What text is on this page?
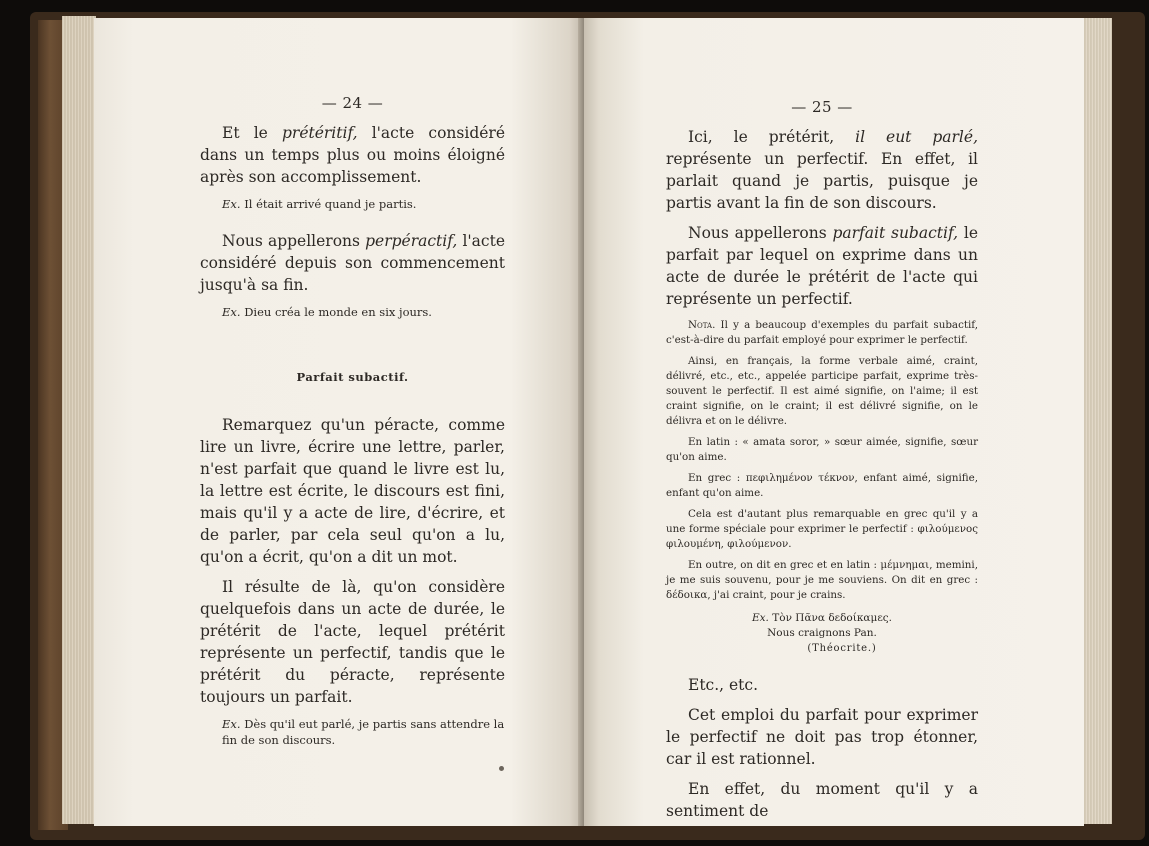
— 24 —

Et le prétéritif, l'acte considéré dans un temps plus ou moins éloigné après son accomplissement.

Ex. Il était arrivé quand je partis.

Nous appellerons perpéractif, l'acte considéré depuis son commencement jusqu'à sa fin.

Ex. Dieu créa le monde en six jours.

Parfait subactif.

Remarquez qu'un péracte, comme lire un livre, écrire une lettre, parler, n'est parfait que quand le livre est lu, la lettre est écrite, le discours est fini, mais qu'il y a acte de lire, d'écrire, et de parler, par cela seul qu'on a lu, qu'on a écrit, qu'on a dit un mot.

Il résulte de là, qu'on considère quelquefois dans un acte de durée, le prétérit de l'acte, lequel prétérit représente un perfectif, tandis que le prétérit du péracte, représente toujours un parfait.

Ex. Dès qu'il eut parlé, je partis sans attendre la fin de son discours.

— 25 —

Ici, le prétérit, il eut parlé, représente un perfectif. En effet, il parlait quand je partis, puisque je partis avant la fin de son discours.

Nous appellerons parfait subactif, le parfait par lequel on exprime dans un acte de durée le prétérit de l'acte qui représente un perfectif.

Nota. Il y a beaucoup d'exemples du parfait subactif, c'est-à-dire du parfait employé pour exprimer le perfectif.

Ainsi, en français, la forme verbale aimé, craint, délivré, etc., etc., appelée participe parfait, exprime très-souvent le perfectif. Il est aimé signifie, on l'aime; il est craint signifie, on le craint; il est délivré signifie, on le délivra et on le délivre.

En latin : « amata soror, » sœur aimée, signifie, sœur qu'on aime.

En grec : πεφιλημένον τέκνον, enfant aimé, signifie, enfant qu'on aime.

Cela est d'autant plus remarquable en grec qu'il y a une forme spéciale pour exprimer le perfectif : φιλούμενος φιλουμένη, φιλούμενον.

En outre, on dit en grec et en latin : μέμνημαι, memini, je me suis souvenu, pour je me souviens. On dit en grec : δέδοικα, j'ai craint, pour je crains.

Ex. Τὸν Πᾶνα δεδοίκαμες.
Nous craignons Pan.
(Théocrite.)

Etc., etc.

Cet emploi du parfait pour exprimer le perfectif ne doit pas trop étonner, car il est rationnel.

En effet, du moment qu'il y a sentiment de
